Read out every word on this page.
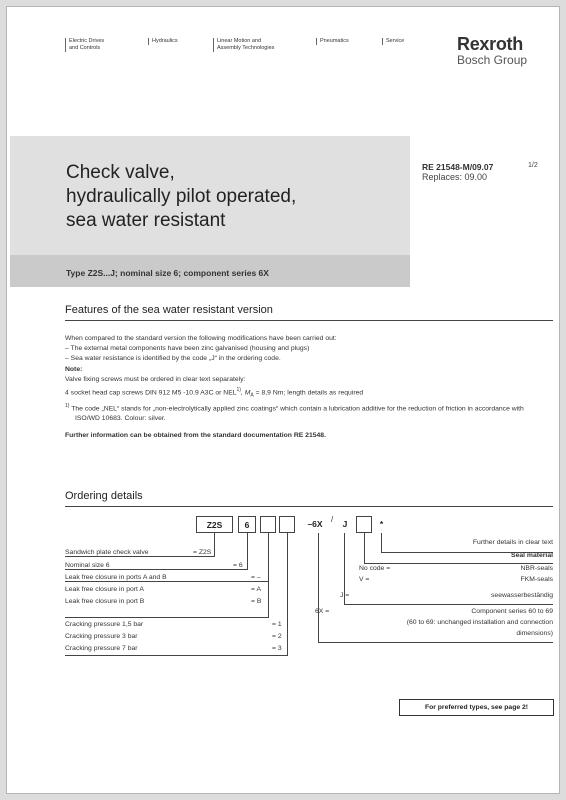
Electric Drives
and Controls
Hydraulics	Linear Motion and
Assembly Technologies
Pneumatics	Service	Rexroth
Bosch Group
Check valve,
hydraulically pilot operated,
sea water resistant
Type Z2S...J; nominal size 6; component series 6X
RE 21548-M/09.07
Replaces: 09.00
1/2
Features of the sea water resistant version

When compared to the standard version the following modifications have been carried out:

– The external metal components have been zinc galvanised (housing and plugs)

– Sea water resistance is identified by the code „J“ in the ordering code.

Note:

Valve fixing screws must be ordered in clear text separately:

4 socket head cap screws DIN 912 M5 -10.9 A3C or NEL$^{1)}$, $M_A = 8,9$ Nm; length details as required

$^{1)}$ The code „NEL“ stands for „non-electrolytically applied zinc coatings“ which contain a lubrication additive for the reduction of friction in accordance with ISO/WD 10683. Colour: silver.

Further information can be obtained from the standard documentation RE 21548.

Ordering details
Z2S	6	–6X	/	J	*
Sandwich plate check valve	= Z2S
Nominal size 6	= 6
Leak free closure in ports A and B	= –
Leak free closure in port A	= A
Leak free closure in port B	= B
Cracking pressure 1,5 bar	= 1
Cracking pressure 3 bar	= 2
Cracking pressure 7 bar	= 3
Further details in clear text
Seal material
No code =	NBR-seals
V =	FKM-seals
J =	seewasserbeständig
6X =	Component series 60 to 69
(60 to 69: unchanged installation and connection
dimensions)
For preferred types, see page 2!
